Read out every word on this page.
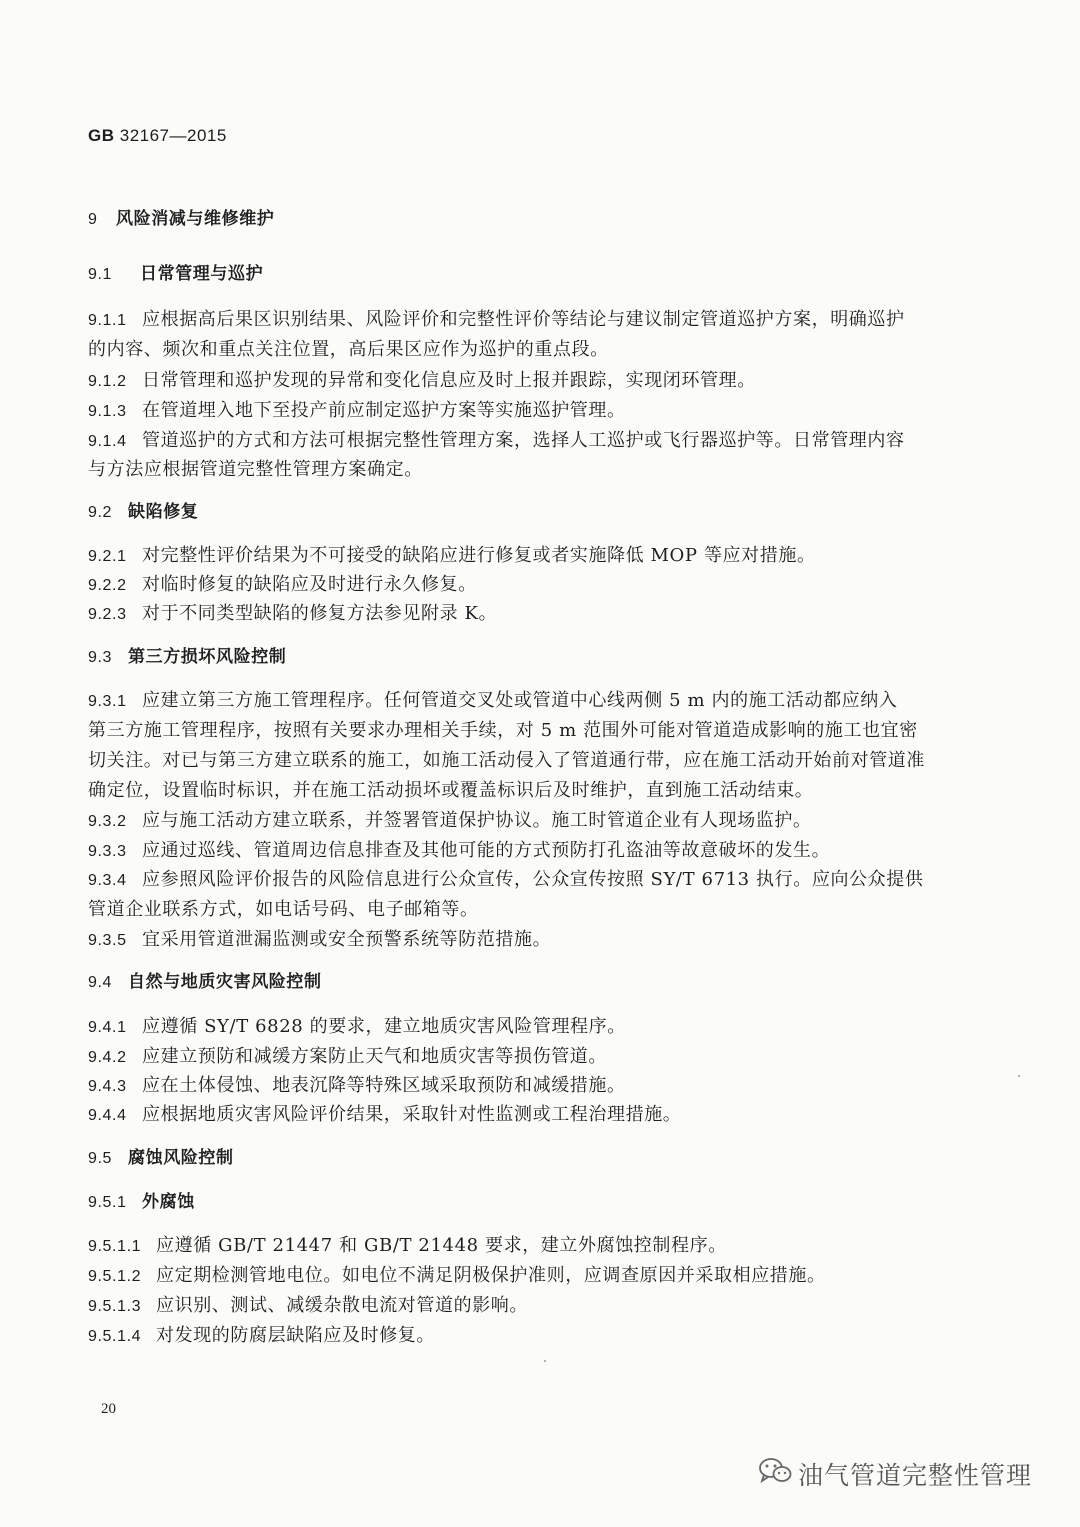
GB 32167—2015
9 风险消减与维修维护
9.1 日常管理与巡护
9.1.1 应根据高后果区识别结果、风险评价和完整性评价等结论与建议制定管道巡护方案，明确巡护
的内容、频次和重点关注位置，高后果区应作为巡护的重点段。
9.1.2 日常管理和巡护发现的异常和变化信息应及时上报并跟踪，实现闭环管理。
9.1.3 在管道埋入地下至投产前应制定巡护方案等实施巡护管理。
9.1.4 管道巡护的方式和方法可根据完整性管理方案，选择人工巡护或飞行器巡护等。日常管理内容
与方法应根据管道完整性管理方案确定。
9.2 缺陷修复
9.2.1 对完整性评价结果为不可接受的缺陷应进行修复或者实施降低 MOP 等应对措施。
9.2.2 对临时修复的缺陷应及时进行永久修复。
9.2.3 对于不同类型缺陷的修复方法参见附录 K。
9.3 第三方损坏风险控制
9.3.1 应建立第三方施工管理程序。任何管道交叉处或管道中心线两侧 5 m 内的施工活动都应纳入
第三方施工管理程序，按照有关要求办理相关手续，对 5 m 范围外可能对管道造成影响的施工也宜密
切关注。对已与第三方建立联系的施工，如施工活动侵入了管道通行带，应在施工活动开始前对管道准
确定位，设置临时标识，并在施工活动损坏或覆盖标识后及时维护，直到施工活动结束。
9.3.2 应与施工活动方建立联系，并签署管道保护协议。施工时管道企业有人现场监护。
9.3.3 应通过巡线、管道周边信息排查及其他可能的方式预防打孔盗油等故意破坏的发生。
9.3.4 应参照风险评价报告的风险信息进行公众宣传，公众宣传按照 SY/T 6713 执行。应向公众提供
管道企业联系方式，如电话号码、电子邮箱等。
9.3.5 宜采用管道泄漏监测或安全预警系统等防范措施。
9.4 自然与地质灾害风险控制
9.4.1 应遵循 SY/T 6828 的要求，建立地质灾害风险管理程序。
9.4.2 应建立预防和减缓方案防止天气和地质灾害等损伤管道。
9.4.3 应在土体侵蚀、地表沉降等特殊区域采取预防和减缓措施。
9.4.4 应根据地质灾害风险评价结果，采取针对性监测或工程治理措施。
9.5 腐蚀风险控制
9.5.1 外腐蚀
9.5.1.1 应遵循 GB/T 21447 和 GB/T 21448 要求，建立外腐蚀控制程序。
9.5.1.2 应定期检测管地电位。如电位不满足阴极保护准则，应调查原因并采取相应措施。
9.5.1.3 应识别、测试、减缓杂散电流对管道的影响。
9.5.1.4 对发现的防腐层缺陷应及时修复。
20
油气管道完整性管理
